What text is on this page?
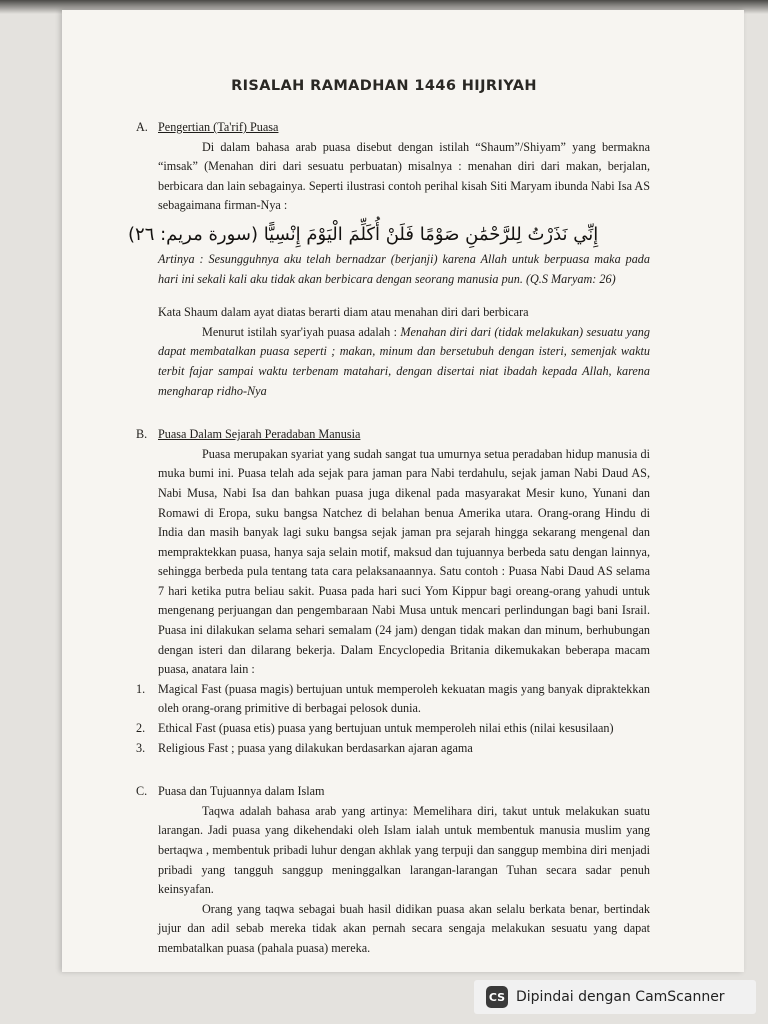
RISALAH RAMADHAN 1446 HIJRIYAH
A. Pengertian (Ta'rif) Puasa

Di dalam bahasa arab puasa disebut dengan istilah “Shaum”/Shiyam” yang bermakna “imsak” (Menahan diri dari sesuatu perbuatan) misalnya : menahan diri dari makan, berjalan, berbicara dan lain sebagainya. Seperti ilustrasi contoh perihal kisah Siti Maryam ibunda Nabi Isa AS sebagaimana firman-Nya :

إِنِّي نَذَرْتُ لِلرَّحْمَٰنِ صَوْمًا فَلَنْ أُكَلِّمَ الْيَوْمَ إِنْسِيًّا (سورة مريم: ٢٦)

Artinya : Sesungguhnya aku telah bernadzar (berjanji) karena Allah untuk berpuasa maka pada hari ini sekali kali aku tidak akan berbicara dengan seorang manusia pun. (Q.S Maryam: 26)

Kata Shaum dalam ayat diatas berarti diam atau menahan diri dari berbicara

Menurut istilah syar'iyah puasa adalah : Menahan diri dari (tidak melakukan) sesuatu yang dapat membatalkan puasa seperti ; makan, minum dan bersetubuh dengan isteri, semenjak waktu terbit fajar sampai waktu terbenam matahari, dengan disertai niat ibadah kepada Allah, karena mengharap ridho-Nya

B. Puasa Dalam Sejarah Peradaban Manusia

Puasa merupakan syariat yang sudah sangat tua umurnya setua peradaban hidup manusia di muka bumi ini. Puasa telah ada sejak para jaman para Nabi terdahulu, sejak jaman Nabi Daud AS, Nabi Musa, Nabi Isa dan bahkan puasa juga dikenal pada masyarakat Mesir kuno, Yunani dan Romawi di Eropa, suku bangsa Natchez di belahan benua Amerika utara. Orang-orang Hindu di India dan masih banyak lagi suku bangsa sejak jaman pra sejarah hingga sekarang mengenal dan mempraktekkan puasa, hanya saja selain motif, maksud dan tujuannya berbeda satu dengan lainnya, sehingga berbeda pula tentang tata cara pelaksanaannya. Satu contoh : Puasa Nabi Daud AS selama 7 hari ketika putra beliau sakit. Puasa pada hari suci Yom Kippur bagi oreang-orang yahudi untuk mengenang perjuangan dan pengembaraan Nabi Musa untuk mencari perlindungan bagi bani Israil. Puasa ini dilakukan selama sehari semalam (24 jam) dengan tidak makan dan minum, berhubungan dengan isteri dan dilarang bekerja. Dalam Encyclopedia Britania dikemukakan beberapa macam puasa, anatara lain :

1. Magical Fast (puasa magis) bertujuan untuk memperoleh kekuatan magis yang banyak dipraktekkan oleh orang-orang primitive di berbagai pelosok dunia.
2. Ethical Fast (puasa etis) puasa yang bertujuan untuk memperoleh nilai ethis (nilai kesusilaan)
3. Religious Fast ; puasa yang dilakukan berdasarkan ajaran agama
C. Puasa dan Tujuannya dalam Islam

Taqwa adalah bahasa arab yang artinya: Memelihara diri, takut untuk melakukan suatu larangan. Jadi puasa yang dikehendaki oleh Islam ialah untuk membentuk manusia muslim yang bertaqwa , membentuk pribadi luhur dengan akhlak yang terpuji dan sanggup membina diri menjadi pribadi yang tangguh sanggup meninggalkan larangan-larangan Tuhan secara sadar penuh keinsyafan.

Orang yang taqwa sebagai buah hasil didikan puasa akan selalu berkata benar, bertindak jujur dan adil sebab mereka tidak akan pernah secara sengaja melakukan sesuatu yang dapat membatalkan puasa (pahala puasa) mereka.

CS Dipindai dengan CamScanner
